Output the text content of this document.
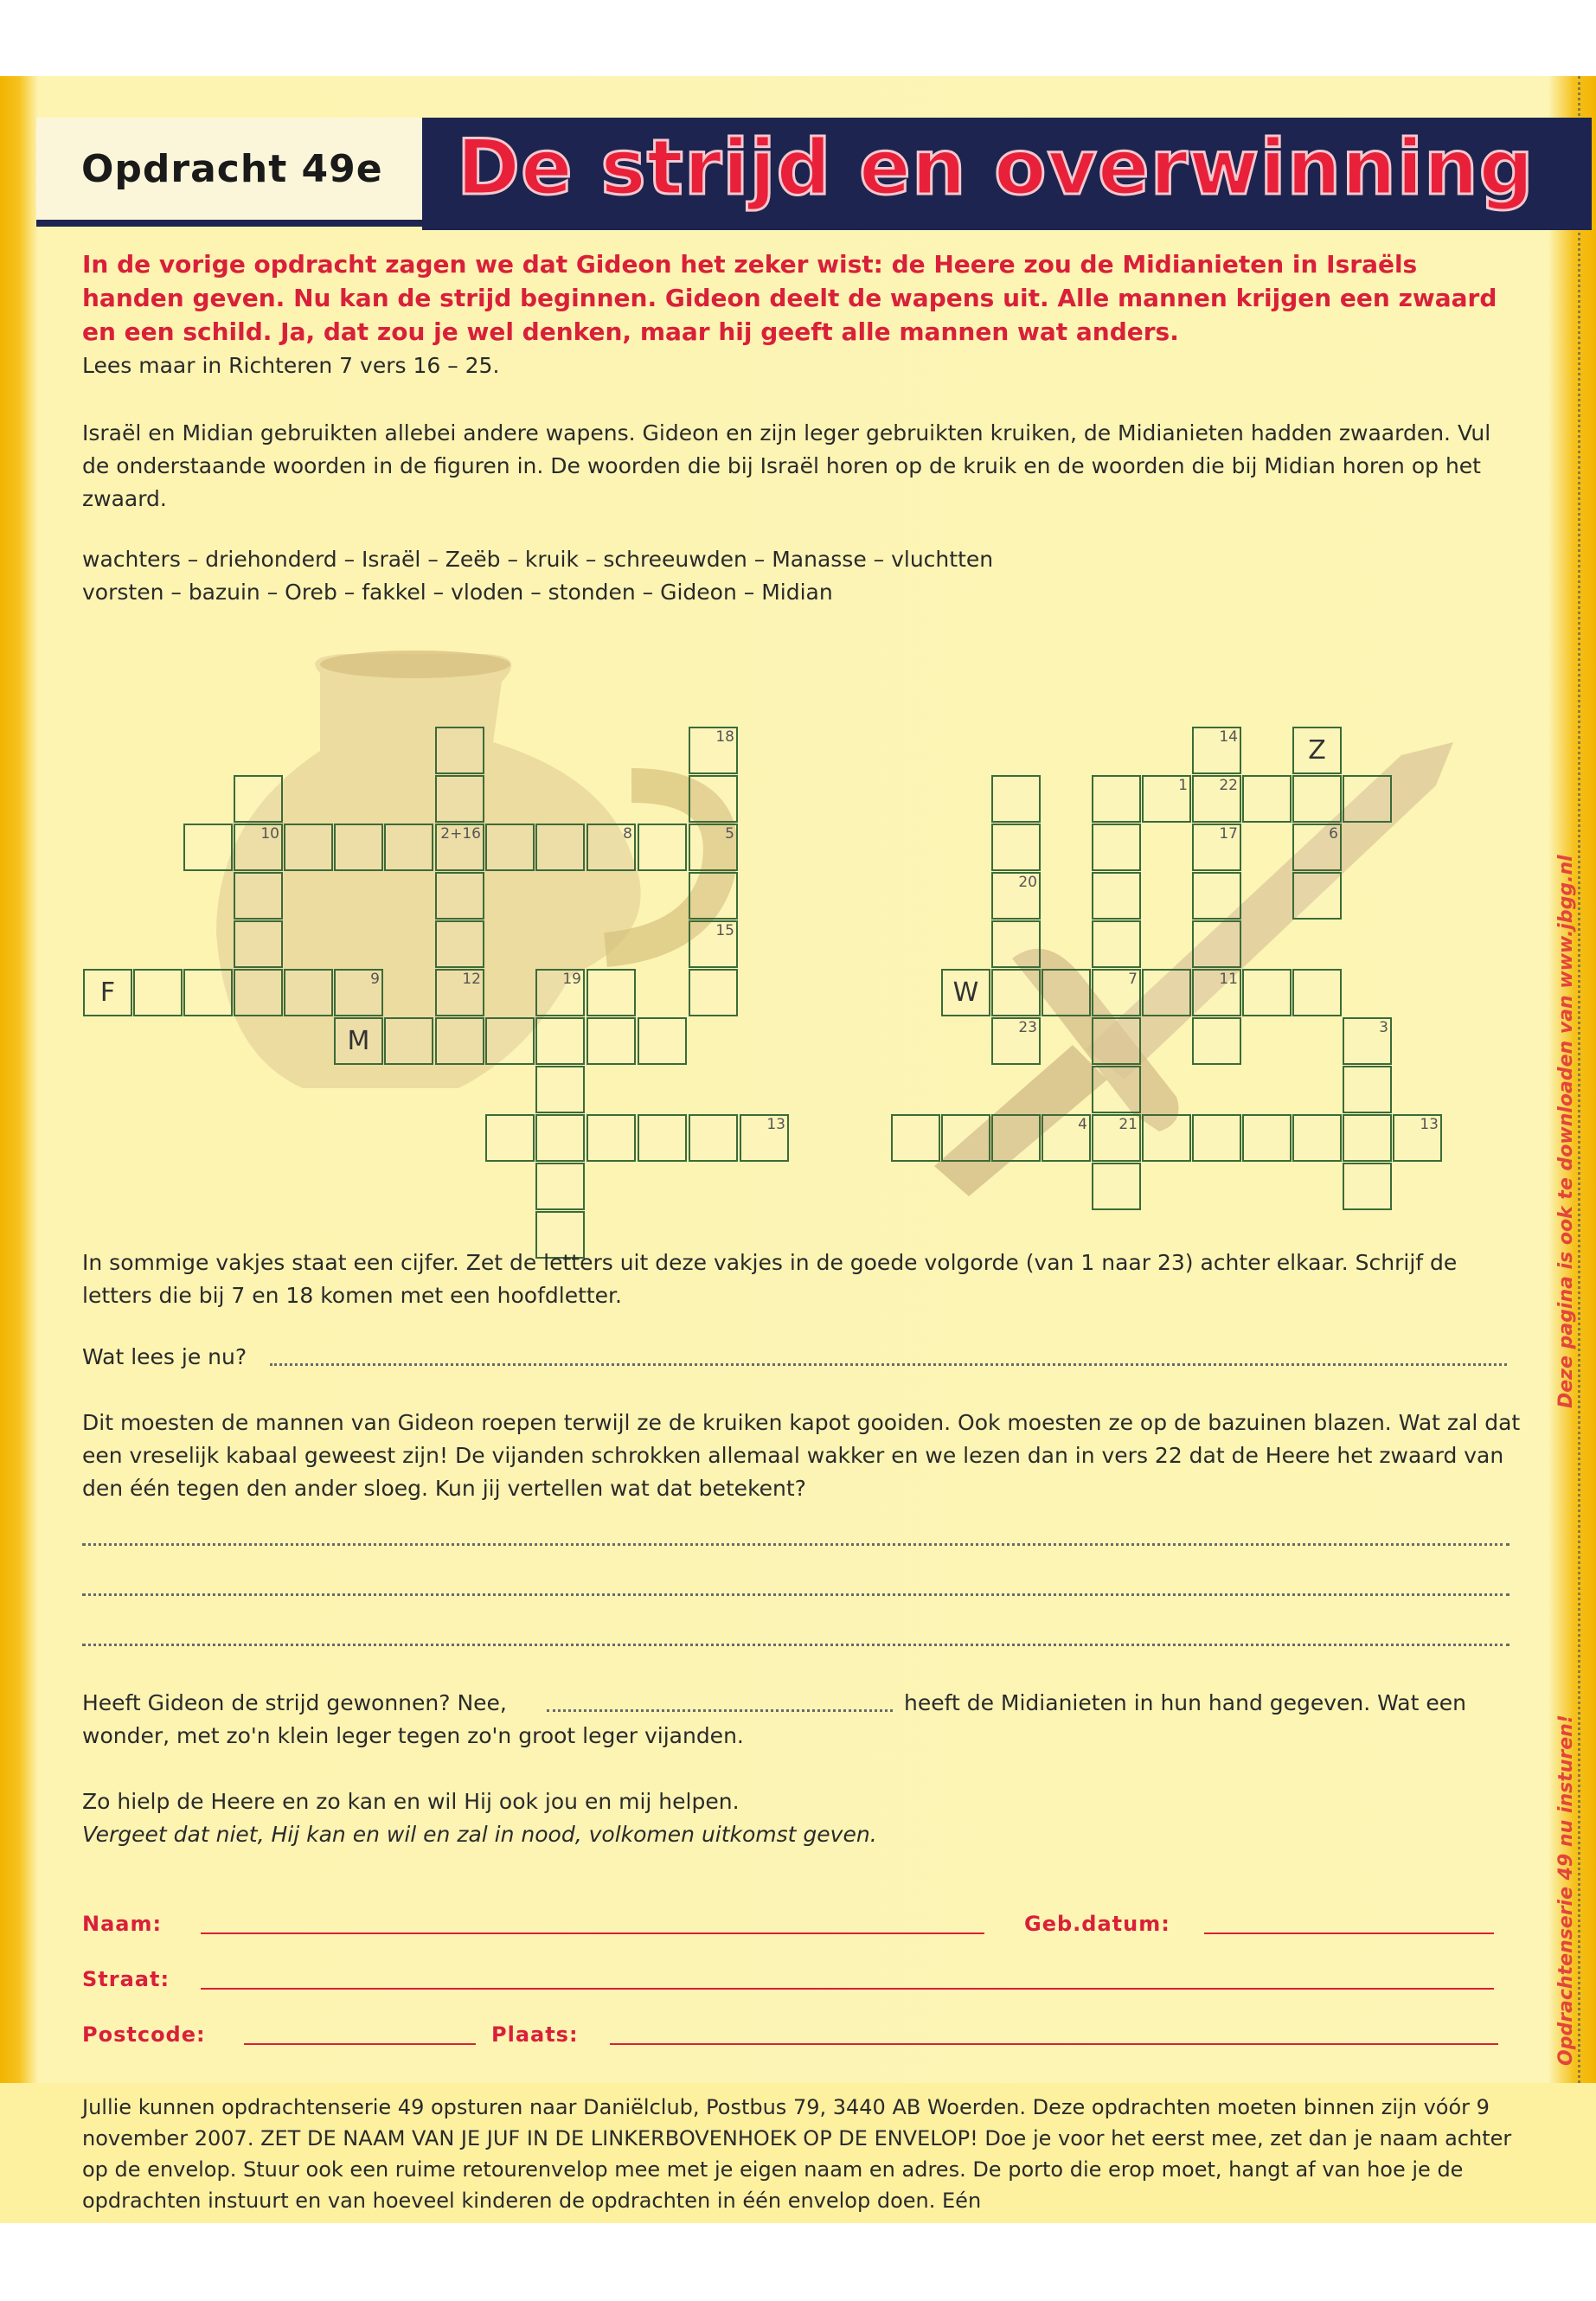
Opdracht 49e De strijd en overwinning
In de vorige opdracht zagen we dat Gideon het zeker wist: de Heere zou de Midianieten in Israëls handen geven. Nu kan de strijd beginnen. Gideon deelt de wapens uit. Alle mannen krijgen een zwaard en een schild. Ja, dat zou je wel denken, maar hij geeft alle mannen wat anders.
Lees maar in Richteren 7 vers 16 – 25.
Israël en Midian gebruikten allebei andere wapens. Gideon en zijn leger gebruikten kruiken, de Midianieten hadden zwaarden. Vul de onderstaande woorden in de figuren in. De woorden die bij Israël horen op de kruik en de woorden die bij Midian horen op het zwaard.
wachters – driehonderd – Israël – Zeëb – kruik – schreeuwden – Manasse – vluchtten
vorsten – bazuin – Oreb – fakkel – vloden – stonden – Gideon – Midian
18
10	2+16	8	5
15
F	9	12	19
M
13
14	Z
1 22
17	6
20
W	7	11
23	3
4 21	13
In sommige vakjes staat een cijfer. Zet de letters uit deze vakjes in de goede volgorde (van 1 naar 23) achter elkaar. Schrijf de letters die bij 7 en 18 komen met een hoofdletter.
Wat lees je nu?
Dit moesten de mannen van Gideon roepen terwijl ze de kruiken kapot gooiden. Ook moesten ze op de bazuinen blazen. Wat zal dat een vreselijk kabaal geweest zijn! De vijanden schrokken allemaal wakker en we lezen dan in vers 22 dat de Heere het zwaard van den één tegen den ander sloeg. Kun jij vertellen wat dat betekent?
Heeft Gideon de strijd gewonnen? Nee,	heeft de Midianieten in hun hand gegeven. Wat een wonder, met zo'n klein leger tegen zo'n groot leger vijanden.
Zo hielp de Heere en zo kan en wil Hij ook jou en mij helpen.
Vergeet dat niet, Hij kan en wil en zal in nood, volkomen uitkomst geven.
Naam:	Geb.datum:
Straat:
Postcode:	Plaats:
Jullie kunnen opdrachtenserie 49 opsturen naar Daniëlclub, Postbus 79, 3440 AB Woerden. Deze opdrachten moeten binnen zijn vóór 9 november 2007. ZET DE NAAM VAN JE JUF IN DE LINKERBOVENHOEK OP DE ENVELOP! Doe je voor het eerst mee, zet dan je naam achter op de envelop. Stuur ook een ruime retourenvelop mee met je eigen naam en adres. De porto die erop moet, hangt af van hoe je de opdrachten instuurt en van hoeveel kinderen de opdrachten in één envelop doen. Eén
Deze pagina is ook te downloaden van www.jbgg.nl
Opdrachtenserie 49 nu insturen!
